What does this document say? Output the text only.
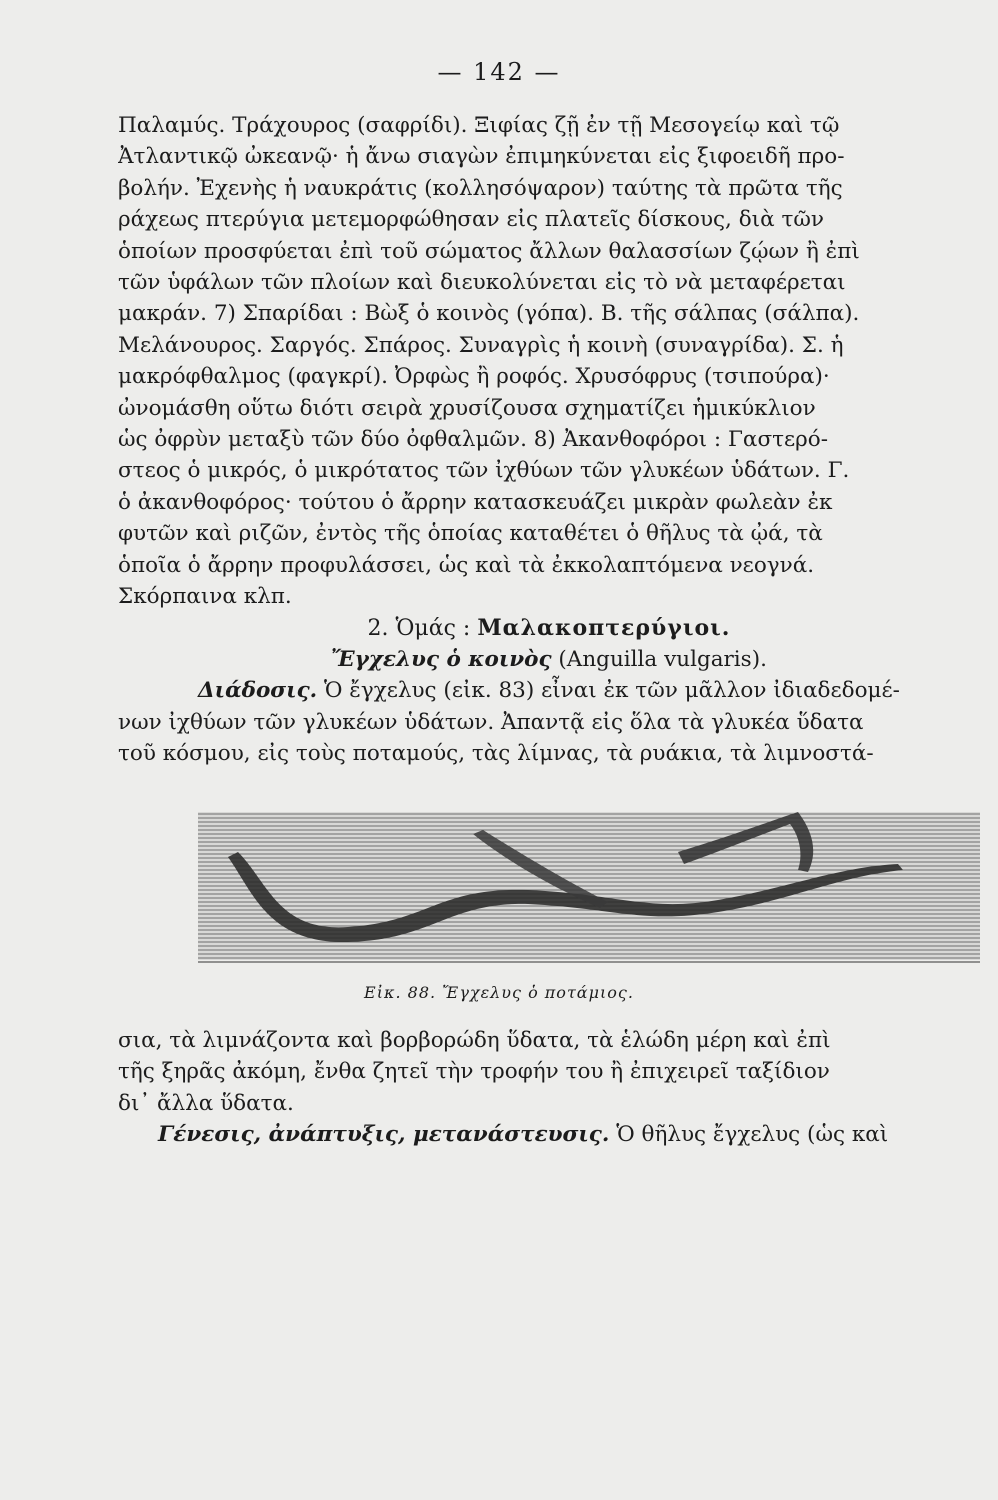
— 142 —
Παλαμύς. Τράχουρος (σαφρίδι). Ξιφίας ζῇ ἐν τῇ Μεσογείῳ καὶ τῷ
Ἀτλαντικῷ ὠκεανῷ· ἡ ἄνω σιαγὼν ἐπιμηκύνεται εἰς ξιφοειδῆ προ-
βολήν. Ἐχενὴς ἡ ναυκράτις (κολλησόψαρον) ταύτης τὰ πρῶτα τῆς
ράχεως πτερύγια μετεμορφώθησαν εἰς πλατεῖς δίσκους, διὰ τῶν
ὁποίων προσφύεται ἐπὶ τοῦ σώματος ἄλλων θαλασσίων ζῴων ἢ ἐπὶ
τῶν ὑφάλων τῶν πλοίων καὶ διευκολύνεται εἰς τὸ νὰ μεταφέρεται
μακράν. 7) Σπαρίδαι : Βὼξ ὁ κοινὸς (γόπα). Β. τῆς σάλπας (σάλπα).
Μελάνουρος. Σαργός. Σπάρος. Συναγρὶς ἡ κοινὴ (συναγρίδα). Σ. ἡ
μακρόφθαλμος (φαγκρί). Ὀρφὼς ἢ ροφός. Χρυσόφρυς (τσιπούρα)·
ὠνομάσθη οὕτω διότι σειρὰ χρυσίζουσα σχηματίζει ἡμικύκλιον
ὡς ὀφρὺν μεταξὺ τῶν δύο ὀφθαλμῶν. 8) Ἀκανθοφόροι : Γαστερό-
στεος ὁ μικρός, ὁ μικρότατος τῶν ἰχθύων τῶν γλυκέων ὑδάτων. Γ.
ὁ ἀκανθοφόρος· τούτου ὁ ἄρρην κατασκευάζει μικρὰν φωλεὰν ἐκ
φυτῶν καὶ ριζῶν, ἐντὸς τῆς ὁποίας καταθέτει ὁ θῆλυς τὰ ᾠά, τὰ
ὁποῖα ὁ ἄρρην προφυλάσσει, ὡς καὶ τὰ ἐκκολαπτόμενα νεογνά.
Σκόρπαινα κλπ.
2. Ὁμάς : Μαλακοπτερύγιοι.
Ἔγχελυς ὁ κοινὸς (Anguilla vulgaris).
Διάδοσις. Ὁ ἔγχελυς (εἰκ. 83) εἶναι ἐκ τῶν μᾶλλον ἰδιαδεδομέ-
νων ἰχθύων τῶν γλυκέων ὑδάτων. Ἀπαντᾷ εἰς ὅλα τὰ γλυκέα ὕδατα
τοῦ κόσμου, εἰς τοὺς ποταμούς, τὰς λίμνας, τὰ ρυάκια, τὰ λιμνοστά-
Εἰκ. 88. Ἔγχελυς ὁ ποτάμιος.
σια, τὰ λιμνάζοντα καὶ βορβορώδη ὕδατα, τὰ ἑλώδη μέρη καὶ ἐπὶ
τῆς ξηρᾶς ἀκόμη, ἔνθα ζητεῖ τὴν τροφήν του ἢ ἐπιχειρεῖ ταξίδιον
δι᾽ ἄλλα ὕδατα.
Γένεσις, ἀνάπτυξις, μετανάστευσις. Ὁ θῆλυς ἔγχελυς (ὡς καὶ
